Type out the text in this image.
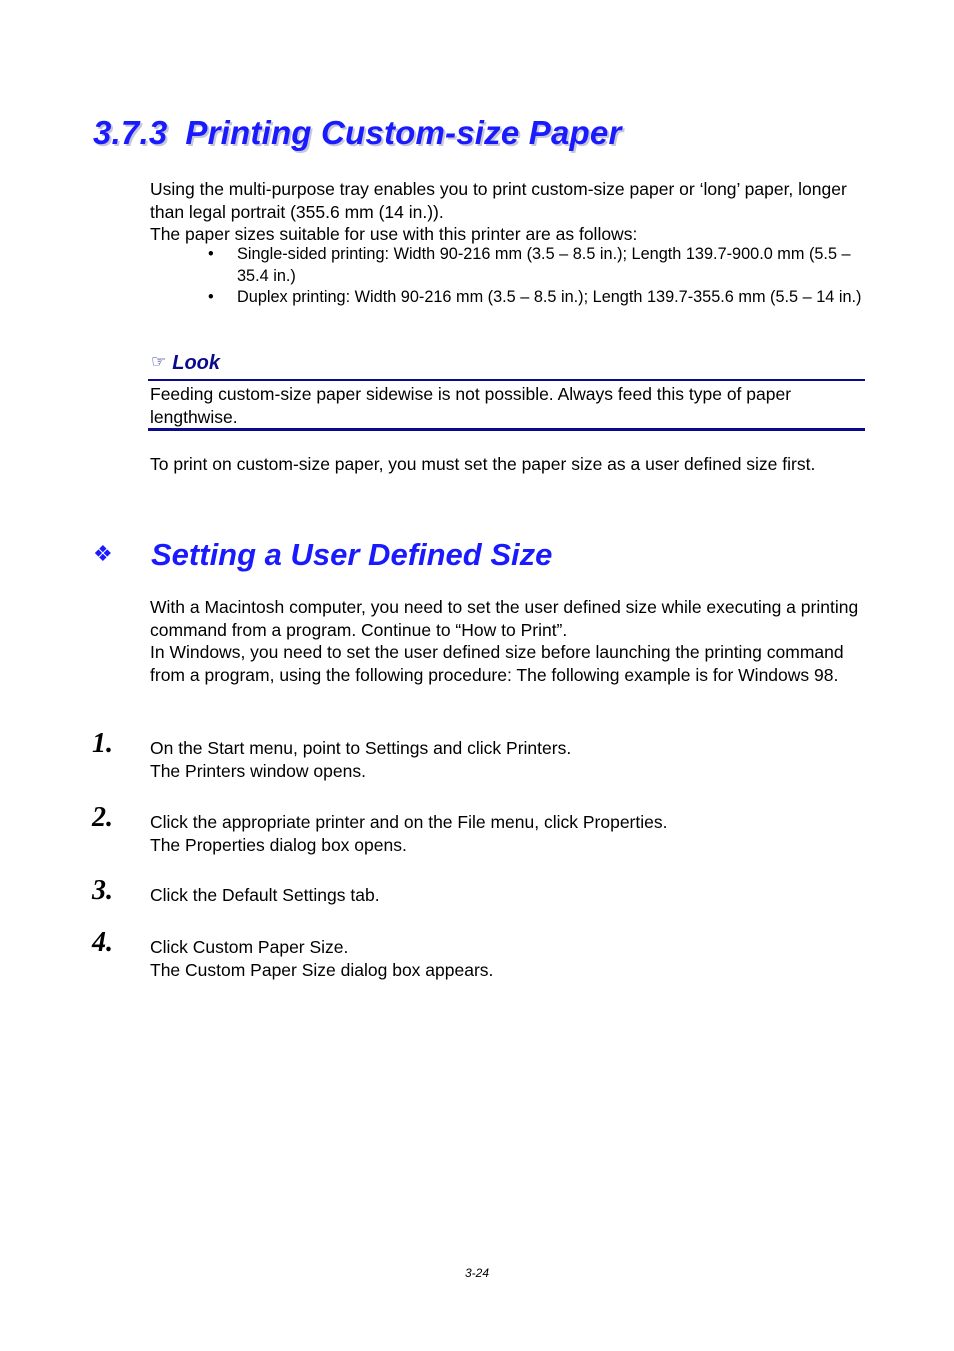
3.7.3 Printing Custom-size Paper
Using the multi-purpose tray enables you to print custom-size paper or ‘long’ paper, longer than legal portrait (355.6 mm (14 in.)).
The paper sizes suitable for use with this printer are as follows:
• Single-sided printing: Width 90-216 mm (3.5 – 8.5 in.); Length 139.7-900.0 mm (5.5 – 35.4 in.)
• Duplex printing: Width 90-216 mm (3.5 – 8.5 in.); Length 139.7-355.6 mm (5.5 – 14 in.)
☞ Look
Feeding custom-size paper sidewise is not possible. Always feed this type of paper lengthwise.
To print on custom-size paper, you must set the paper size as a user defined size first.
❖ Setting a User Defined Size
With a Macintosh computer, you need to set the user defined size while executing a printing command from a program. Continue to “How to Print”.
In Windows, you need to set the user defined size before launching the printing command from a program, using the following procedure: The following example is for Windows 98.
1. On the Start menu, point to Settings and click Printers.
The Printers window opens.
2. Click the appropriate printer and on the File menu, click Properties.
The Properties dialog box opens.
3. Click the Default Settings tab.
4. Click Custom Paper Size.
The Custom Paper Size dialog box appears.
3-24
